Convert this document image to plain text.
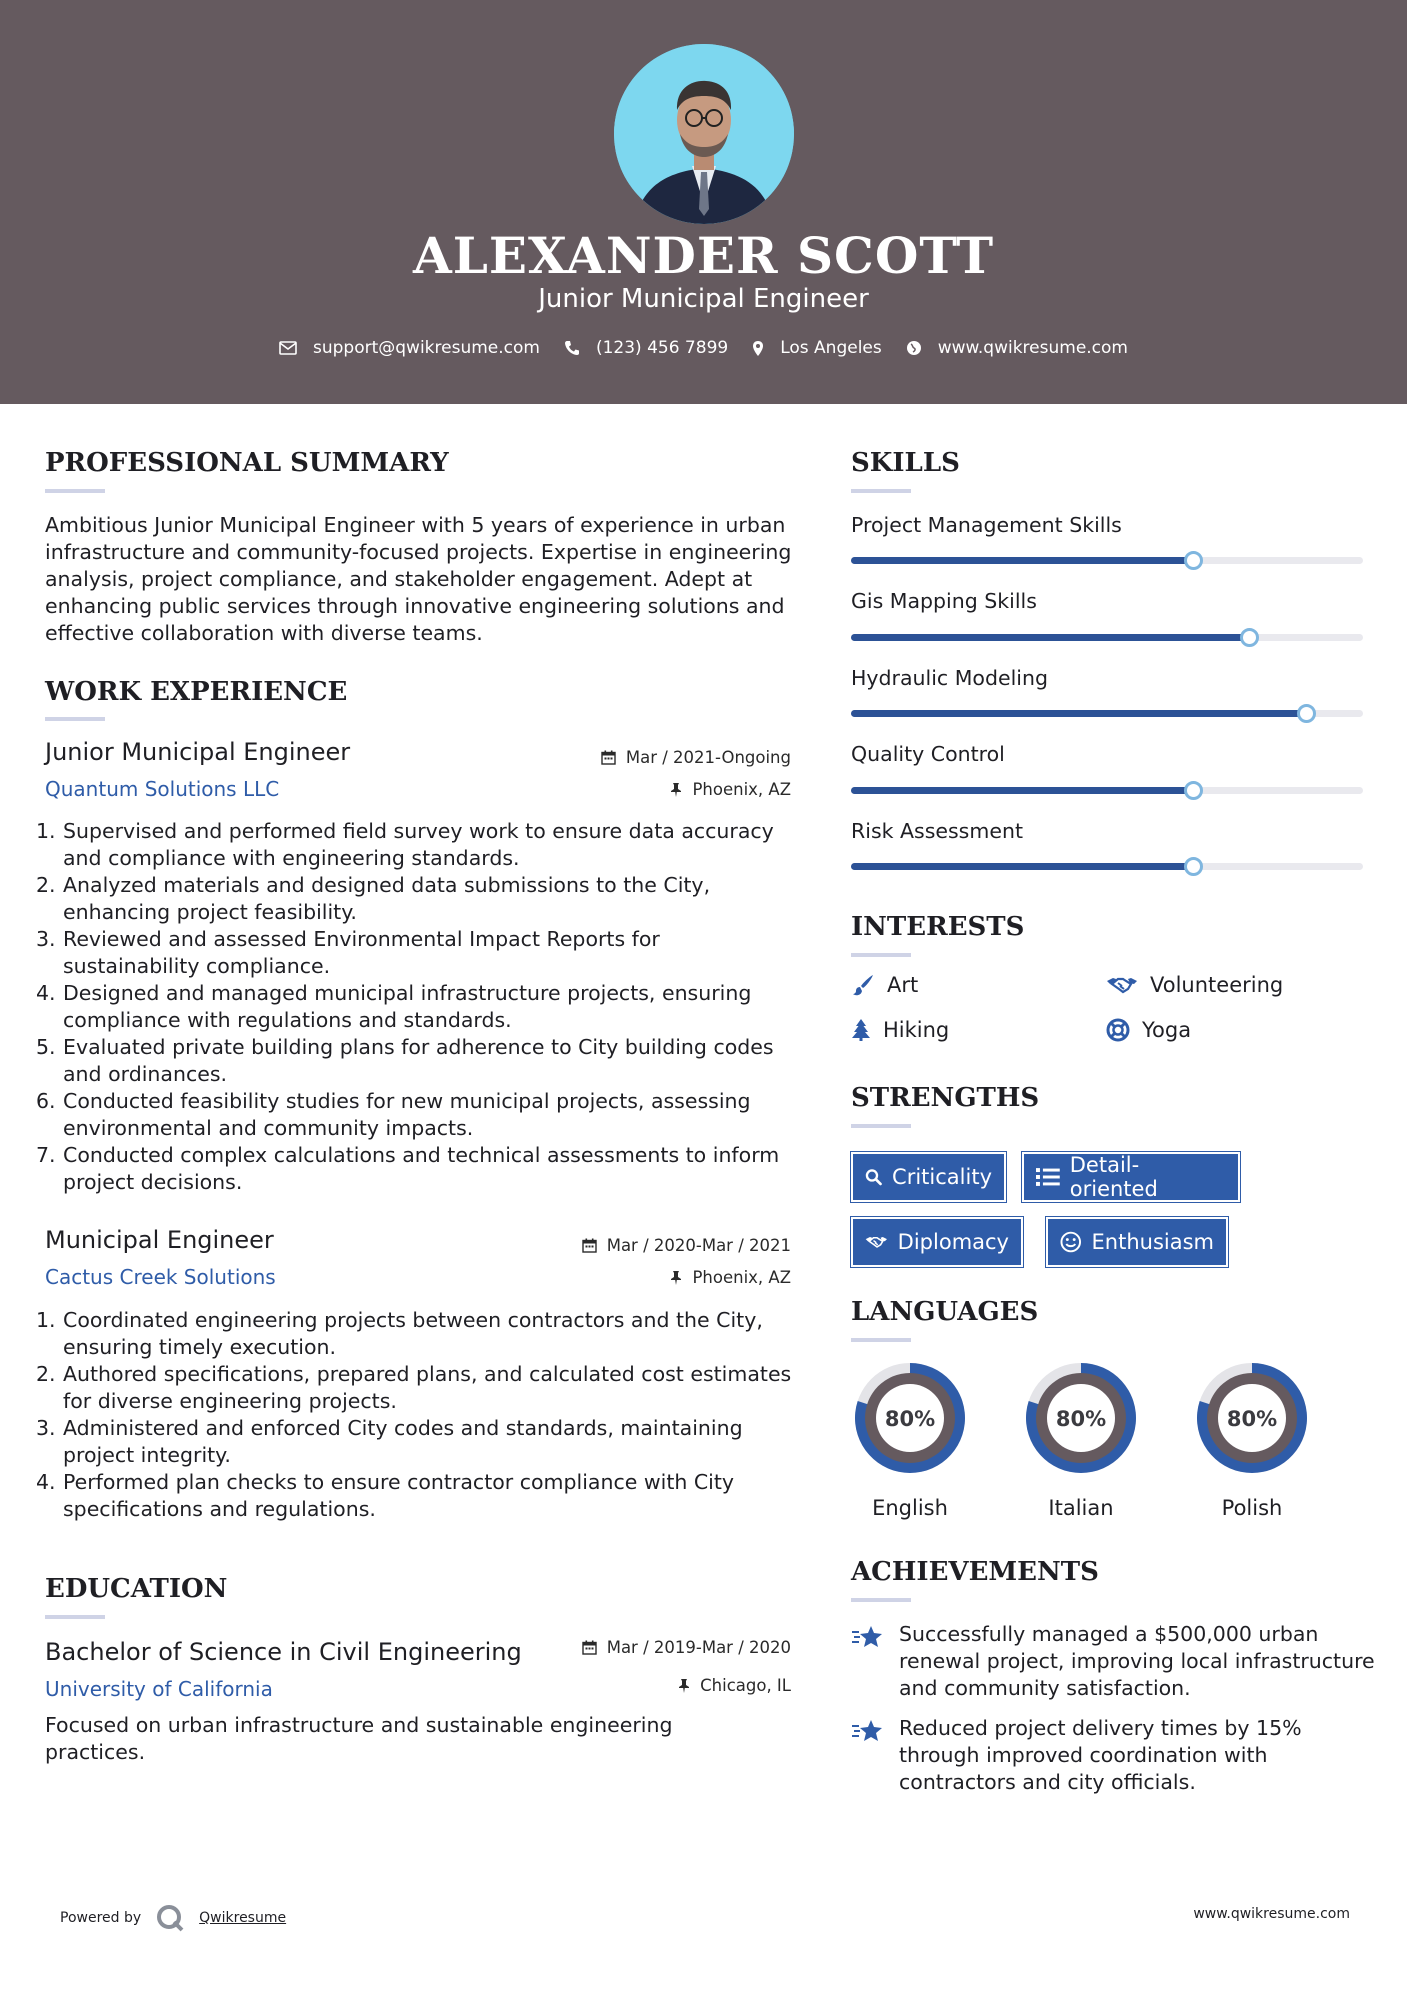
ALEXANDER SCOTT
Junior Municipal Engineer
support@qwikresume.com	(123) 456 7899	Los Angeles	www.qwikresume.com
PROFESSIONAL SUMMARY
Ambitious Junior Municipal Engineer with 5 years of experience in urban infrastructure and community-focused projects. Expertise in engineering analysis, project compliance, and stakeholder engagement. Adept at enhancing public services through innovative engineering solutions and effective collaboration with diverse teams.
WORK EXPERIENCE
Junior Municipal Engineer
Quantum Solutions LLC
Mar / 2021-Ongoing
Phoenix, AZ
1. Supervised and performed field survey work to ensure data accuracy and compliance with engineering standards.
2. Analyzed materials and designed data submissions to the City, enhancing project feasibility.
3. Reviewed and assessed Environmental Impact Reports for sustainability compliance.
4. Designed and managed municipal infrastructure projects, ensuring compliance with regulations and standards.
5. Evaluated private building plans for adherence to City building codes and ordinances.
6. Conducted feasibility studies for new municipal projects, assessing environmental and community impacts.
7. Conducted complex calculations and technical assessments to inform project decisions.
Municipal Engineer
Cactus Creek Solutions
Mar / 2020-Mar / 2021
Phoenix, AZ
1. Coordinated engineering projects between contractors and the City, ensuring timely execution.
2. Authored specifications, prepared plans, and calculated cost estimates for diverse engineering projects.
3. Administered and enforced City codes and standards, maintaining project integrity.
4. Performed plan checks to ensure contractor compliance with City specifications and regulations.
EDUCATION
Bachelor of Science in Civil Engineering
University of California
Mar / 2019-Mar / 2020
Chicago, IL
Focused on urban infrastructure and sustainable engineering practices.
SKILLS
Project Management Skills
Gis Mapping Skills
Hydraulic Modeling
Quality Control
Risk Assessment
INTERESTS
Art	Volunteering
Hiking	Yoga
STRENGTHS
Criticality	Detail-oriented
Diplomacy	Enthusiasm
LANGUAGES
80%
English
80%
Italian
80%
Polish
ACHIEVEMENTS
Successfully managed a $500,000 urban renewal project, improving local infrastructure and community satisfaction.
Reduced project delivery times by 15% through improved coordination with contractors and city officials.
Powered by	Qwikresume	www.qwikresume.com
